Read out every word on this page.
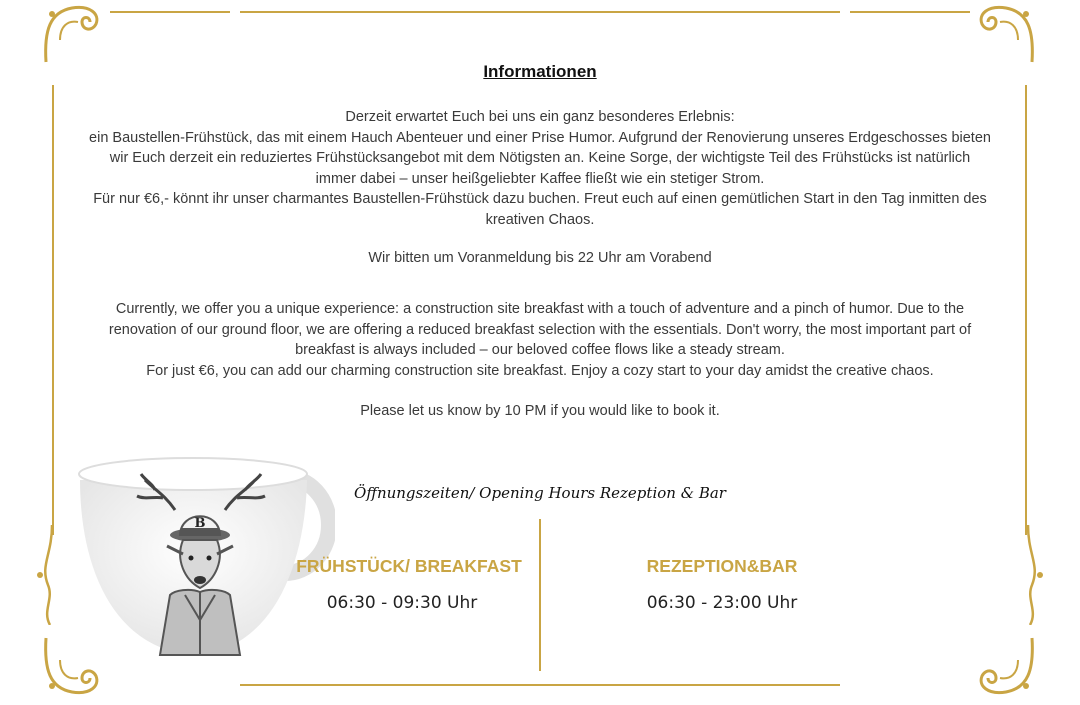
Informationen

Derzeit erwartet Euch bei uns ein ganz besonderes Erlebnis:

ein Baustellen-Frühstück, das mit einem Hauch Abenteuer und einer Prise Humor. Aufgrund der Renovierung unseres Erdgeschosses bieten

wir Euch derzeit ein reduziertes Frühstücksangebot mit dem Nötigsten an. Keine Sorge, der wichtigste Teil des Frühstücks ist natürlich

immer dabei – unser heißgeliebter Kaffee fließt wie ein stetiger Strom.

Für nur €6,- könnt ihr unser charmantes Baustellen-Frühstück dazu buchen. Freut euch auf einen gemütlichen Start in den Tag inmitten des

kreativen Chaos.

Wir bitten um Voranmeldung bis 22 Uhr am Vorabend

Currently, we offer you a unique experience: a construction site breakfast with a touch of adventure and a pinch of humor. Due to the

renovation of our ground floor, we are offering a reduced breakfast selection with the essentials. Don't worry, the most important part of

breakfast is always included – our beloved coffee flows like a steady stream.

For just €6, you can add our charming construction site breakfast. Enjoy a cozy start to your day amidst the creative chaos.

Please let us know by 10 PM if you would like to book it.
B
Öffnungszeiten/ Opening Hours Rezeption & Bar
FRÜHSTÜCK/ BREAKFAST
06:30 - 09:30 Uhr
REZEPTION&BAR
06:30 - 23:00 Uhr
